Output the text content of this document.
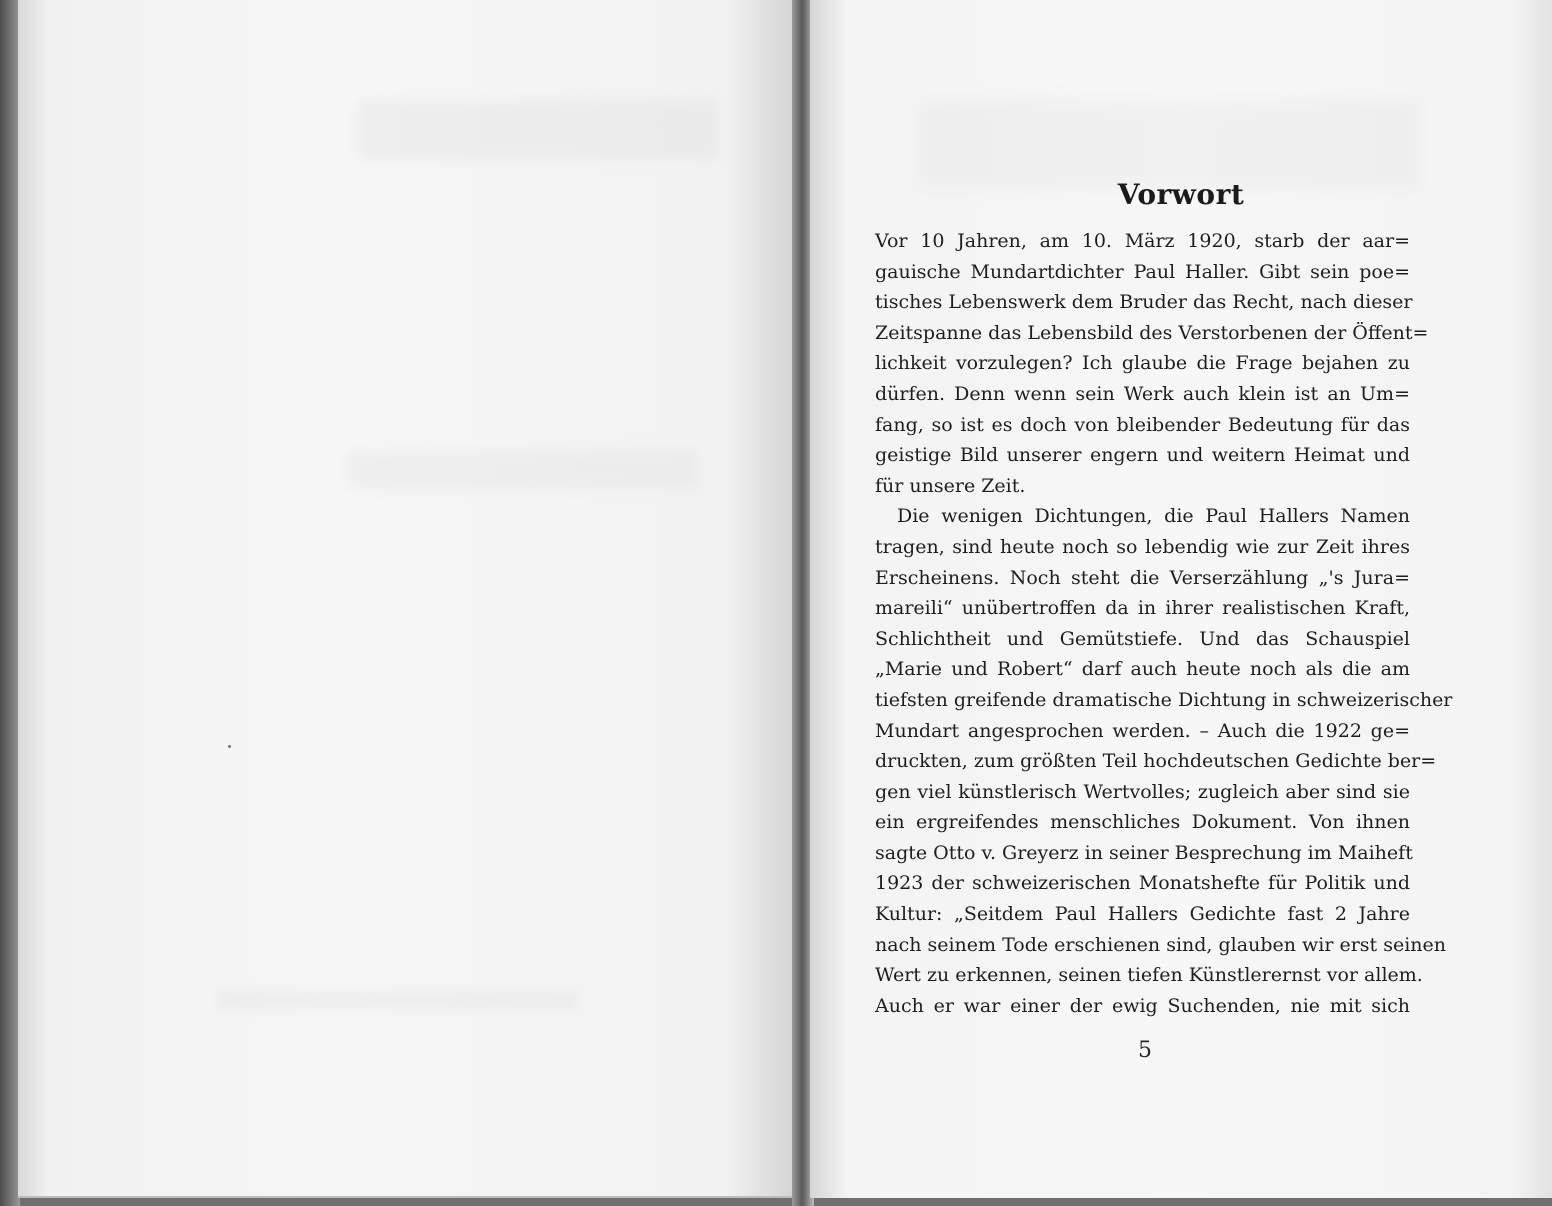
Vorwort
Vor 10 Jahren, am 10. März 1920, starb der aar=
gauische Mundartdichter Paul Haller. Gibt sein poe=
tisches Lebenswerk dem Bruder das Recht, nach dieser
Zeitspanne das Lebensbild des Verstorbenen der Öffent=
lichkeit vorzulegen? Ich glaube die Frage bejahen zu
dürfen. Denn wenn sein Werk auch klein ist an Um=
fang, so ist es doch von bleibender Bedeutung für das
geistige Bild unserer engern und weitern Heimat und
für unsere Zeit.
Die wenigen Dichtungen, die Paul Hallers Namen
tragen, sind heute noch so lebendig wie zur Zeit ihres
Erscheinens. Noch steht die Verserzählung „'s Jura=
mareili“ unübertroffen da in ihrer realistischen Kraft,
Schlichtheit und Gemütstiefe. Und das Schauspiel
„Marie und Robert“ darf auch heute noch als die am
tiefsten greifende dramatische Dichtung in schweizerischer
Mundart angesprochen werden. – Auch die 1922 ge=
druckten, zum größten Teil hochdeutschen Gedichte ber=
gen viel künstlerisch Wertvolles; zugleich aber sind sie
ein ergreifendes menschliches Dokument. Von ihnen
sagte Otto v. Greyerz in seiner Besprechung im Maiheft
1923 der schweizerischen Monatshefte für Politik und
Kultur: „Seitdem Paul Hallers Gedichte fast 2 Jahre
nach seinem Tode erschienen sind, glauben wir erst seinen
Wert zu erkennen, seinen tiefen Künstlerernst vor allem.
Auch er war einer der ewig Suchenden, nie mit sich
5
